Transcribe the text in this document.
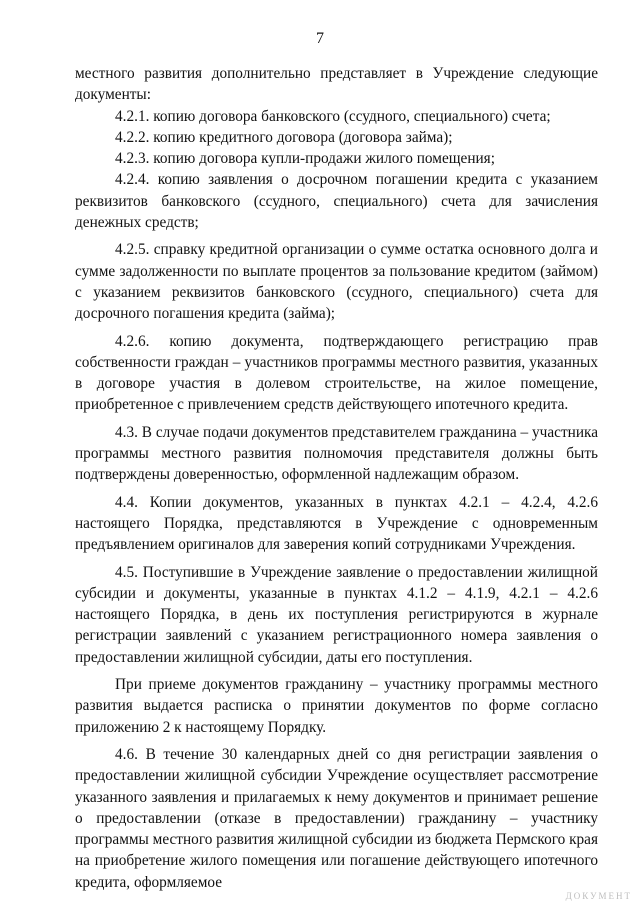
7

местного развития дополнительно представляет в Учреждение следующие документы:

4.2.1. копию договора банковского (ссудного, специального) счета;

4.2.2. копию кредитного договора (договора займа);

4.2.3. копию договора купли-продажи жилого помещения;

4.2.4. копию заявления о досрочном погашении кредита с указанием реквизитов банковского (ссудного, специального) счета для зачисления денежных средств;

4.2.5. справку кредитной организации о сумме остатка основного долга и сумме задолженности по выплате процентов за пользование кредитом (займом) с указанием реквизитов банковского (ссудного, специального) счета для досрочного погашения кредита (займа);

4.2.6. копию документа, подтверждающего регистрацию прав собственности граждан – участников программы местного развития, указанных в договоре участия в долевом строительстве, на жилое помещение, приобретенное с привлечением средств действующего ипотечного кредита.

4.3. В случае подачи документов представителем гражданина – участника программы местного развития полномочия представителя должны быть подтверждены доверенностью, оформленной надлежащим образом.

4.4. Копии документов, указанных в пунктах 4.2.1 – 4.2.4, 4.2.6 настоящего Порядка, представляются в Учреждение с одновременным предъявлением оригиналов для заверения копий сотрудниками Учреждения.

4.5. Поступившие в Учреждение заявление о предоставлении жилищной субсидии и документы, указанные в пунктах 4.1.2 – 4.1.9, 4.2.1 – 4.2.6 настоящего Порядка, в день их поступления регистрируются в журнале регистрации заявлений с указанием регистрационного номера заявления о предоставлении жилищной субсидии, даты его поступления.

При приеме документов гражданину – участнику программы местного развития выдается расписка о принятии документов по форме согласно приложению 2 к настоящему Порядку.

4.6. В течение 30 календарных дней со дня регистрации заявления о предоставлении жилищной субсидии Учреждение осуществляет рассмотрение указанного заявления и прилагаемых к нему документов и принимает решение о предоставлении (отказе в предоставлении) гражданину – участнику программы местного развития жилищной субсидии из бюджета Пермского края на приобретение жилого помещения или погашение действующего ипотечного кредита, оформляемое

ДОКУМЕНТ
